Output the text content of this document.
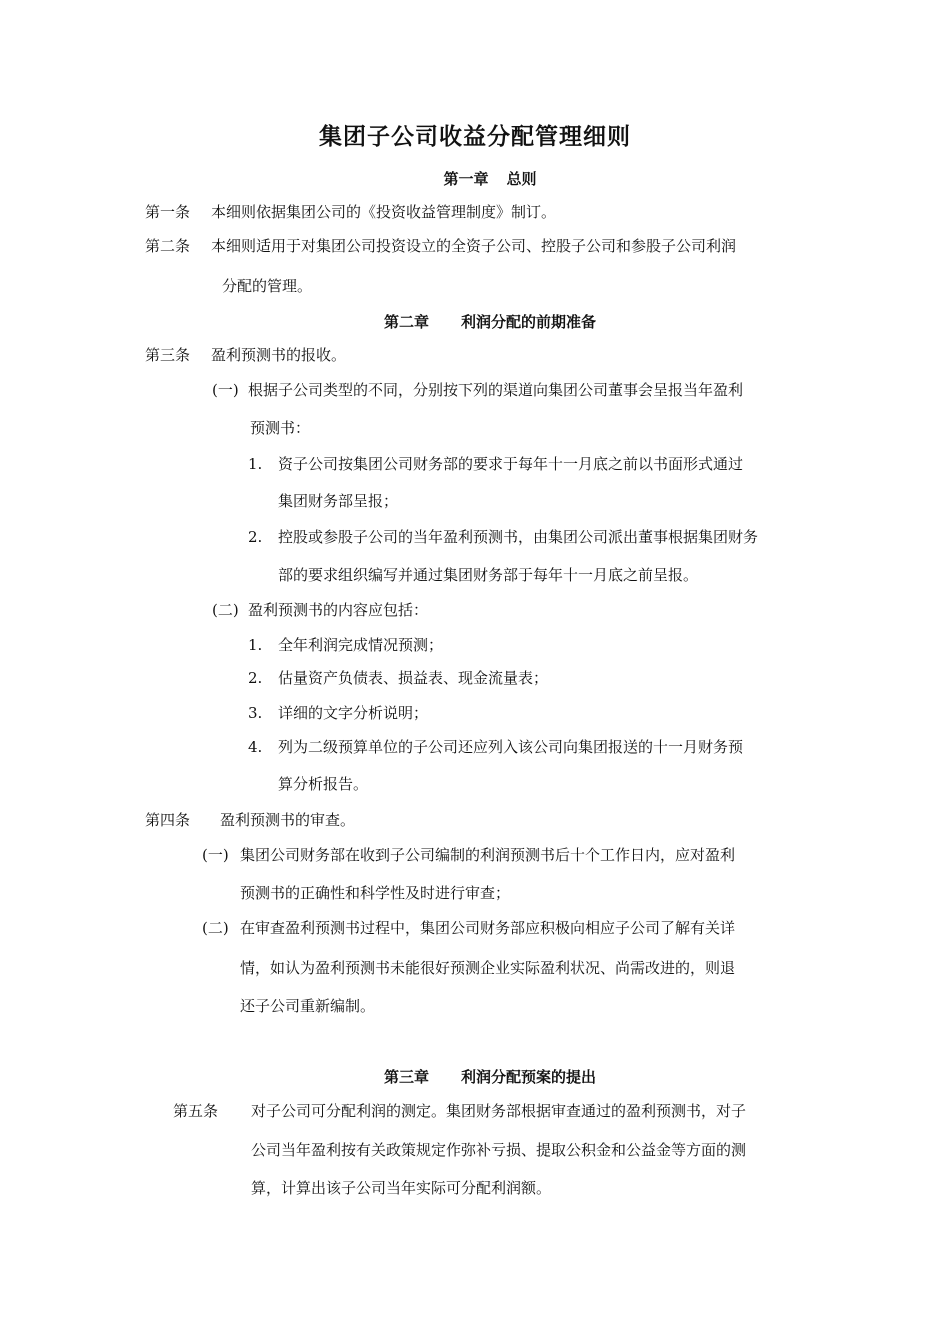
集团子公司收益分配管理细则
第一章 总则
第一条 本细则依据集团公司的《投资收益管理制度》制订。
第二条 本细则适用于对集团公司投资设立的全资子公司、控股子公司和参股子公司利润
分配的管理。
第二章 利润分配的前期准备
第三条 盈利预测书的报收。
(一) 根据子公司类型的不同，分别按下列的渠道向集团公司董事会呈报当年盈利
预测书：
1. 资子公司按集团公司财务部的要求于每年十一月底之前以书面形式通过
集团财务部呈报；
2. 控股或参股子公司的当年盈利预测书，由集团公司派出董事根据集团财务
部的要求组织编写并通过集团财务部于每年十一月底之前呈报。
(二) 盈利预测书的内容应包括：
1. 全年利润完成情况预测；
2. 估量资产负债表、损益表、现金流量表；
3. 详细的文字分析说明；
4. 列为二级预算单位的子公司还应列入该公司向集团报送的十一月财务预
算分析报告。
第四条 盈利预测书的审查。
(一) 集团公司财务部在收到子公司编制的利润预测书后十个工作日内，应对盈利
预测书的正确性和科学性及时进行审查；
(二) 在审查盈利预测书过程中，集团公司财务部应积极向相应子公司了解有关详
情，如认为盈利预测书未能很好预测企业实际盈利状况、尚需改进的，则退
还子公司重新编制。
第三章 利润分配预案的提出
第五条 对子公司可分配利润的测定。集团财务部根据审查通过的盈利预测书，对子
公司当年盈利按有关政策规定作弥补亏损、提取公积金和公益金等方面的测
算，计算出该子公司当年实际可分配利润额。
